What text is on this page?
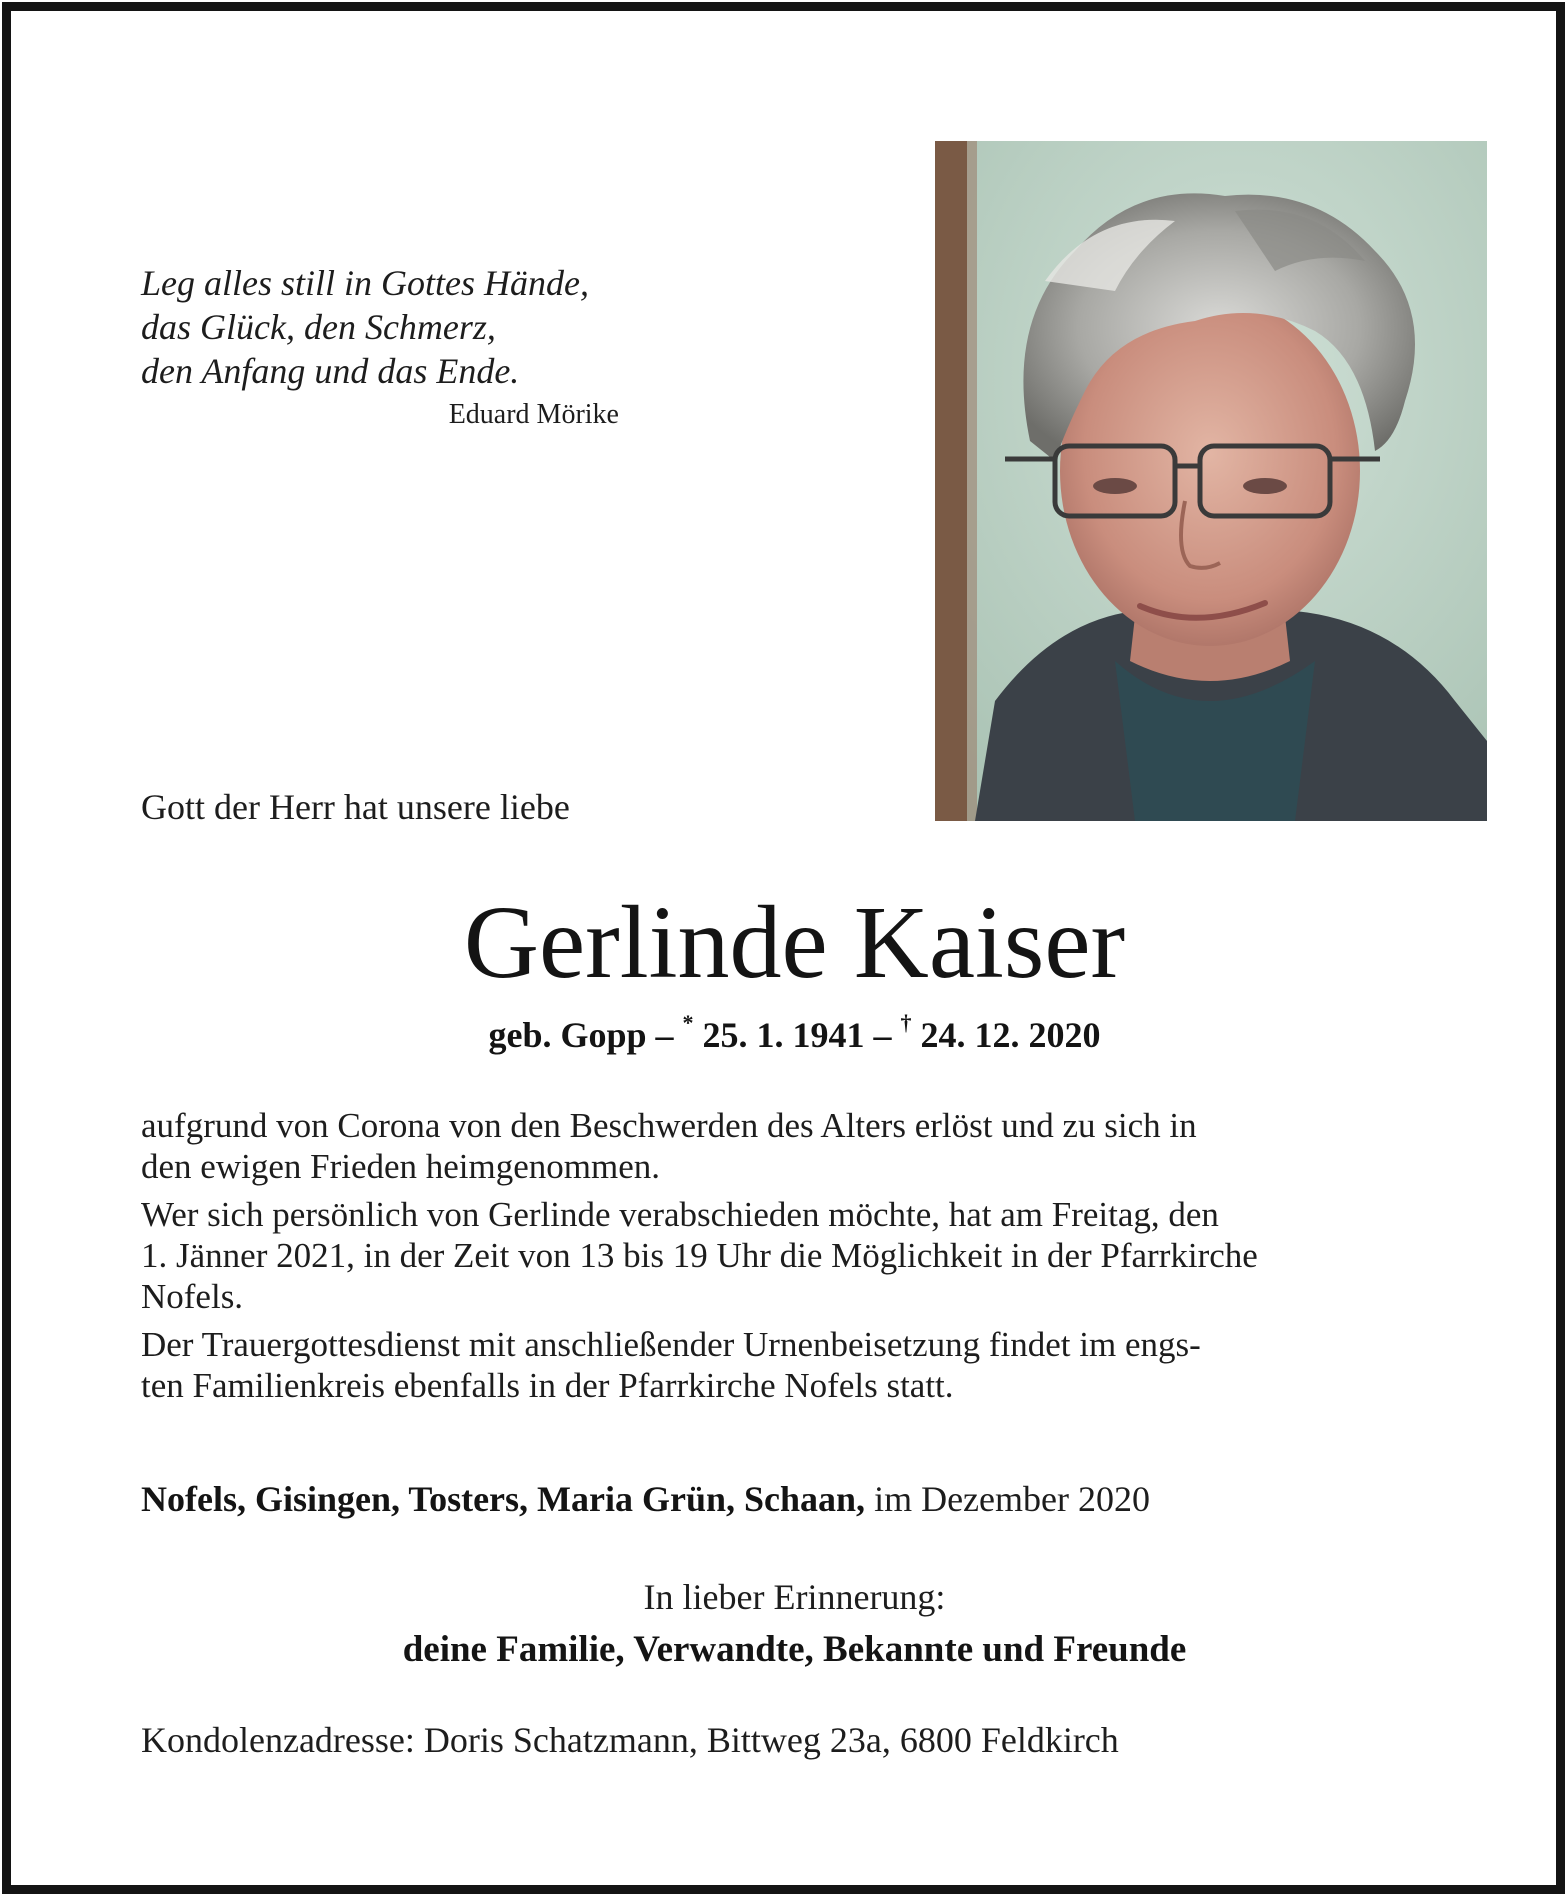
Leg alles still in Gottes Hände,
das Glück, den Schmerz,
den Anfang und das Ende.
Eduard Mörike
Gott der Herr hat unsere liebe
Gerlinde Kaiser
geb. Gopp – * 25. 1. 1941 – † 24. 12. 2020

aufgrund von Corona von den Beschwerden des Alters erlöst und zu sich in
den ewigen Frieden heimgenommen.

Wer sich persönlich von Gerlinde verabschieden möchte, hat am Freitag, den
1. Jänner 2021, in der Zeit von 13 bis 19 Uhr die Möglichkeit in der Pfarrkirche
Nofels.

Der Trauergottesdienst mit anschließender Urnenbeisetzung findet im engs-
ten Familienkreis ebenfalls in der Pfarrkirche Nofels statt.

Nofels, Gisingen, Tosters, Maria Grün, Schaan, im Dezember 2020
In lieber Erinnerung:
deine Familie, Verwandte, Bekannte und Freunde
Kondolenzadresse: Doris Schatzmann, Bittweg 23a, 6800 Feldkirch
